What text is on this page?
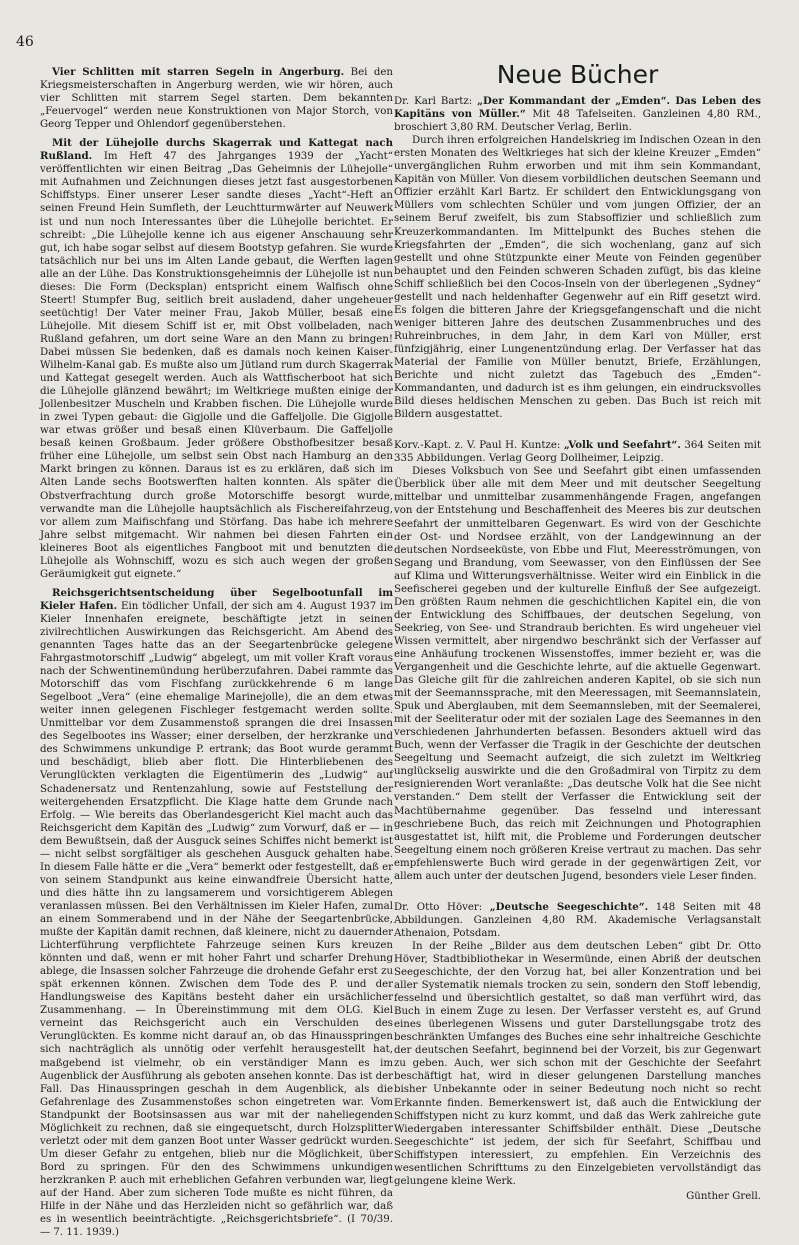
46

Vier Schlitten mit starren Segeln in Angerburg. Bei den Kriegsmeisterschaften in Angerburg werden, wie wir hören, auch vier Schlitten mit starrem Segel starten. Dem bekannten „Feuervogel“ werden neue Konstruktionen von Major Storch, von Georg Tepper und Ohlendorf gegenüberstehen.

Mit der Lühejolle durchs Skagerrak und Kattegat nach Rußland. Im Heft 47 des Jahrganges 1939 der „Yacht“ veröffentlichten wir einen Beitrag „Das Geheimnis der Lühejolle“ mit Aufnahmen und Zeichnungen dieses jetzt fast ausgestorbenen Schiffstyps. Einer unserer Leser sandte dieses „Yacht“-Heft an seinen Freund Hein Sumfleth, der Leuchtturmwärter auf Neuwerk ist und nun noch Interessantes über die Lühejolle berichtet. Er schreibt: „Die Lühejolle kenne ich aus eigener Anschauung sehr gut, ich habe sogar selbst auf diesem Bootstyp gefahren. Sie wurde tatsächlich nur bei uns im Alten Lande gebaut, die Werften lagen alle an der Lühe. Das Konstruktionsgeheimnis der Lühejolle ist nun dieses: Die Form (Decksplan) entspricht einem Walfisch ohne Steert! Stumpfer Bug, seitlich breit ausladend, daher ungeheuer seetüchtig! Der Vater meiner Frau, Jakob Müller, besaß eine Lühejolle. Mit diesem Schiff ist er, mit Obst vollbeladen, nach Rußland gefahren, um dort seine Ware an den Mann zu bringen! Dabei müssen Sie bedenken, daß es damals noch keinen Kaiser-Wilhelm-Kanal gab. Es mußte also um Jütland rum durch Skagerrak und Kattegat gesegelt werden. Auch als Wattfischerboot hat sich die Lühejolle glänzend bewährt; im Weltkriege mußten einige der Jollenbesitzer Muscheln und Krabben fischen. Die Lühejolle wurde in zwei Typen gebaut: die Gigjolle und die Gaffeljolle. Die Gigjolle war etwas größer und besaß einen Klüverbaum. Die Gaffeljolle besaß keinen Großbaum. Jeder größere Obsthofbesitzer besaß früher eine Lühejolle, um selbst sein Obst nach Hamburg an den Markt bringen zu können. Daraus ist es zu erklären, daß sich im Alten Lande sechs Bootswerften halten konnten. Als später die Obstverfrachtung durch große Motorschiffe besorgt wurde, verwandte man die Lühejolle hauptsächlich als Fischereifahrzeug, vor allem zum Maifischfang und Störfang. Das habe ich mehrere Jahre selbst mitgemacht. Wir nahmen bei diesen Fahrten ein kleineres Boot als eigentliches Fangboot mit und benutzten die Lühejolle als Wohnschiff, wozu es sich auch wegen der großen Geräumigkeit gut eignete.“

Reichsgerichtsentscheidung über Segelbootunfall im Kieler Hafen. Ein tödlicher Unfall, der sich am 4. August 1937 im Kieler Innenhafen ereignete, beschäftigte jetzt in seinen zivilrechtlichen Auswirkungen das Reichsgericht. Am Abend des genannten Tages hatte das an der Seegartenbrücke gelegene Fahrgastmotorschiff „Ludwig“ abgelegt, um mit voller Kraft voraus nach der Schwentinemündung herüberzufahren. Dabei rammte das Motorschiff das vom Fischfang zurückkehrende 6 m lange Segelboot „Vera“ (eine ehemalige Marinejolle), die an dem etwas weiter innen gelegenen Fischleger festgemacht werden sollte. Unmittelbar vor dem Zusammenstoß sprangen die drei Insassen des Segelbootes ins Wasser; einer derselben, der herzkranke und des Schwimmens unkundige P. ertrank; das Boot wurde gerammt und beschädigt, blieb aber flott. Die Hinterbliebenen des Verunglückten verklagten die Eigentümerin des „Ludwig“ auf Schadenersatz und Rentenzahlung, sowie auf Feststellung der weitergehenden Ersatzpflicht. Die Klage hatte dem Grunde nach Erfolg. — Wie bereits das Oberlandesgericht Kiel macht auch das Reichsgericht dem Kapitän des „Ludwig“ zum Vorwurf, daß er — in dem Bewußtsein, daß der Ausguck seines Schiffes nicht bemerkt ist — nicht selbst sorgfältiger als geschehen Ausguck gehalten habe. In diesem Falle hätte er die „Vera“ bemerkt oder festgestellt, daß er von seinem Standpunkt aus keine einwandfreie Übersicht hatte, und dies hätte ihn zu langsamerem und vorsichtigerem Ablegen veranlassen müssen. Bei den Verhältnissen im Kieler Hafen, zumal an einem Sommerabend und in der Nähe der Seegartenbrücke, mußte der Kapitän damit rechnen, daß kleinere, nicht zu dauernder Lichterführung verpflichtete Fahrzeuge seinen Kurs kreuzen könnten und daß, wenn er mit hoher Fahrt und scharfer Drehung ablege, die Insassen solcher Fahrzeuge die drohende Gefahr erst zu spät erkennen können. Zwischen dem Tode des P. und der Handlungsweise des Kapitäns besteht daher ein ursächlicher Zusammenhang. — In Übereinstimmung mit dem OLG. Kiel verneint das Reichsgericht auch ein Verschulden des Verunglückten. Es komme nicht darauf an, ob das Hinausspringen sich nachträglich als unnötig oder verfehlt herausgestellt hat, maßgebend ist vielmehr, ob ein verständiger Mann es im Augenblick der Ausführung als geboten ansehen konnte. Das ist der Fall. Das Hinausspringen geschah in dem Augenblick, als die Gefahrenlage des Zusammenstoßes schon eingetreten war. Vom Standpunkt der Bootsinsassen aus war mit der naheliegenden Möglichkeit zu rechnen, daß sie eingequetscht, durch Holzsplitter verletzt oder mit dem ganzen Boot unter Wasser gedrückt wurden. Um dieser Gefahr zu entgehen, blieb nur die Möglichkeit, über Bord zu springen. Für den des Schwimmens unkundigen herzkranken P. auch mit erheblichen Gefahren verbunden war, liegt auf der Hand. Aber zum sicheren Tode mußte es nicht führen, da Hilfe in der Nähe und das Herzleiden nicht so gefährlich war, daß es in wesentlich beeinträchtigte. „Reichsgerichtsbriefe“. (I 70/39. — 7. 11. 1939.)

Neue Bücher

Dr. Karl Bartz: „Der Kommandant der „Emden“. Das Leben des Kapitäns von Müller.“ Mit 48 Tafelseiten. Ganzleinen 4,80 RM., broschiert 3,80 RM. Deutscher Verlag, Berlin.

Durch ihren erfolgreichen Handelskrieg im Indischen Ozean in den ersten Monaten des Weltkrieges hat sich der kleine Kreuzer „Emden“ unvergänglichen Ruhm erworben und mit ihm sein Kommandant, Kapitän von Müller. Von diesem vorbildlichen deutschen Seemann und Offizier erzählt Karl Bartz. Er schildert den Entwicklungsgang von Müllers vom schlechten Schüler und vom jungen Offizier, der an seinem Beruf zweifelt, bis zum Stabsoffizier und schließlich zum Kreuzerkommandanten. Im Mittelpunkt des Buches stehen die Kriegsfahrten der „Emden“, die sich wochenlang, ganz auf sich gestellt und ohne Stützpunkte einer Meute von Feinden gegenüber behauptet und den Feinden schweren Schaden zufügt, bis das kleine Schiff schließlich bei den Cocos-Inseln von der überlegenen „Sydney“ gestellt und nach heldenhafter Gegenwehr auf ein Riff gesetzt wird. Es folgen die bitteren Jahre der Kriegsgefangenschaft und die nicht weniger bitteren Jahre des deutschen Zusammenbruches und des Ruhreinbruches, in dem Jahr, in dem Karl von Müller, erst fünfzigjährig, einer Lungenentzündung erlag. Der Verfasser hat das Material der Familie von Müller benutzt, Briefe, Erzählungen, Berichte und nicht zuletzt das Tagebuch des „Emden“-Kommandanten, und dadurch ist es ihm gelungen, ein eindrucksvolles Bild dieses heldischen Menschen zu geben. Das Buch ist reich mit Bildern ausgestattet.

Korv.-Kapt. z. V. Paul H. Kuntze: „Volk und Seefahrt“. 364 Seiten mit 335 Abbildungen. Verlag Georg Dollheimer, Leipzig.

Dieses Volksbuch von See und Seefahrt gibt einen umfassenden Überblick über alle mit dem Meer und mit deutscher Seegeltung mittelbar und unmittelbar zusammenhängende Fragen, angefangen von der Entstehung und Beschaffenheit des Meeres bis zur deutschen Seefahrt der unmittelbaren Gegenwart. Es wird von der Geschichte der Ost- und Nordsee erzählt, von der Landgewinnung an der deutschen Nordseeküste, von Ebbe und Flut, Meeresströmungen, von Segang und Brandung, vom Seewasser, von den Einflüssen der See auf Klima und Witterungsverhältnisse. Weiter wird ein Einblick in die Seefischerei gegeben und der kulturelle Einfluß der See aufgezeigt. Den größten Raum nehmen die geschichtlichen Kapitel ein, die von der Entwicklung des Schiffbaues, der deutschen Segelung, von Seekrieg, von See- und Strandraub berichten. Es wird ungeheuer viel Wissen vermittelt, aber nirgendwo beschränkt sich der Verfasser auf eine Anhäufung trockenen Wissenstoffes, immer bezieht er, was die Vergangenheit und die Geschichte lehrte, auf die aktuelle Gegenwart. Das Gleiche gilt für die zahlreichen anderen Kapitel, ob sie sich nun mit der Seemannssprache, mit den Meeressagen, mit Seemannslatein, Spuk und Aberglauben, mit dem Seemannsleben, mit der Seemalerei, mit der Seeliteratur oder mit der sozialen Lage des Seemannes in den verschiedenen Jahrhunderten befassen. Besonders aktuell wird das Buch, wenn der Verfasser die Tragik in der Geschichte der deutschen Seegeltung und Seemacht aufzeigt, die sich zuletzt im Weltkrieg unglückselig auswirkte und die den Großadmiral von Tirpitz zu dem resignierenden Wort veranlaßte: „Das deutsche Volk hat die See nicht verstanden.“ Dem stellt der Verfasser die Entwicklung seit der Machtübernahme gegenüber. Das fesselnd und interessant geschriebene Buch, das reich mit Zeichnungen und Photographien ausgestattet ist, hilft mit, die Probleme und Forderungen deutscher Seegeltung einem noch größeren Kreise vertraut zu machen. Das sehr empfehlenswerte Buch wird gerade in der gegenwärtigen Zeit, vor allem auch unter der deutschen Jugend, besonders viele Leser finden.

Dr. Otto Höver: „Deutsche Seegeschichte“. 148 Seiten mit 48 Abbildungen. Ganzleinen 4,80 RM. Akademische Verlagsanstalt Athenaion, Potsdam.

In der Reihe „Bilder aus dem deutschen Leben“ gibt Dr. Otto Höver, Stadtbibliothekar in Wesermünde, einen Abriß der deutschen Seegeschichte, der den Vorzug hat, bei aller Konzentration und bei aller Systematik niemals trocken zu sein, sondern den Stoff lebendig, fesselnd und übersichtlich gestaltet, so daß man verführt wird, das Buch in einem Zuge zu lesen. Der Verfasser versteht es, auf Grund eines überlegenen Wissens und guter Darstellungsgabe trotz des beschränkten Umfanges des Buches eine sehr inhaltreiche Geschichte der deutschen Seefahrt, beginnend bei der Vorzeit, bis zur Gegenwart zu geben. Auch, wer sich schon mit der Geschichte der Seefahrt beschäftigt hat, wird in dieser gelungenen Darstellung manches bisher Unbekannte oder in seiner Bedeutung noch nicht so recht Erkannte finden. Bemerkenswert ist, daß auch die Entwicklung der Schiffstypen nicht zu kurz kommt, und daß das Werk zahlreiche gute Wiedergaben interessanter Schiffsbilder enthält. Diese „Deutsche Seegeschichte“ ist jedem, der sich für Seefahrt, Schiffbau und Schiffstypen interessiert, zu empfehlen. Ein Verzeichnis des wesentlichen Schrifttums zu den Einzelgebieten vervollständigt das gelungene kleine Werk.

Günther Grell.
